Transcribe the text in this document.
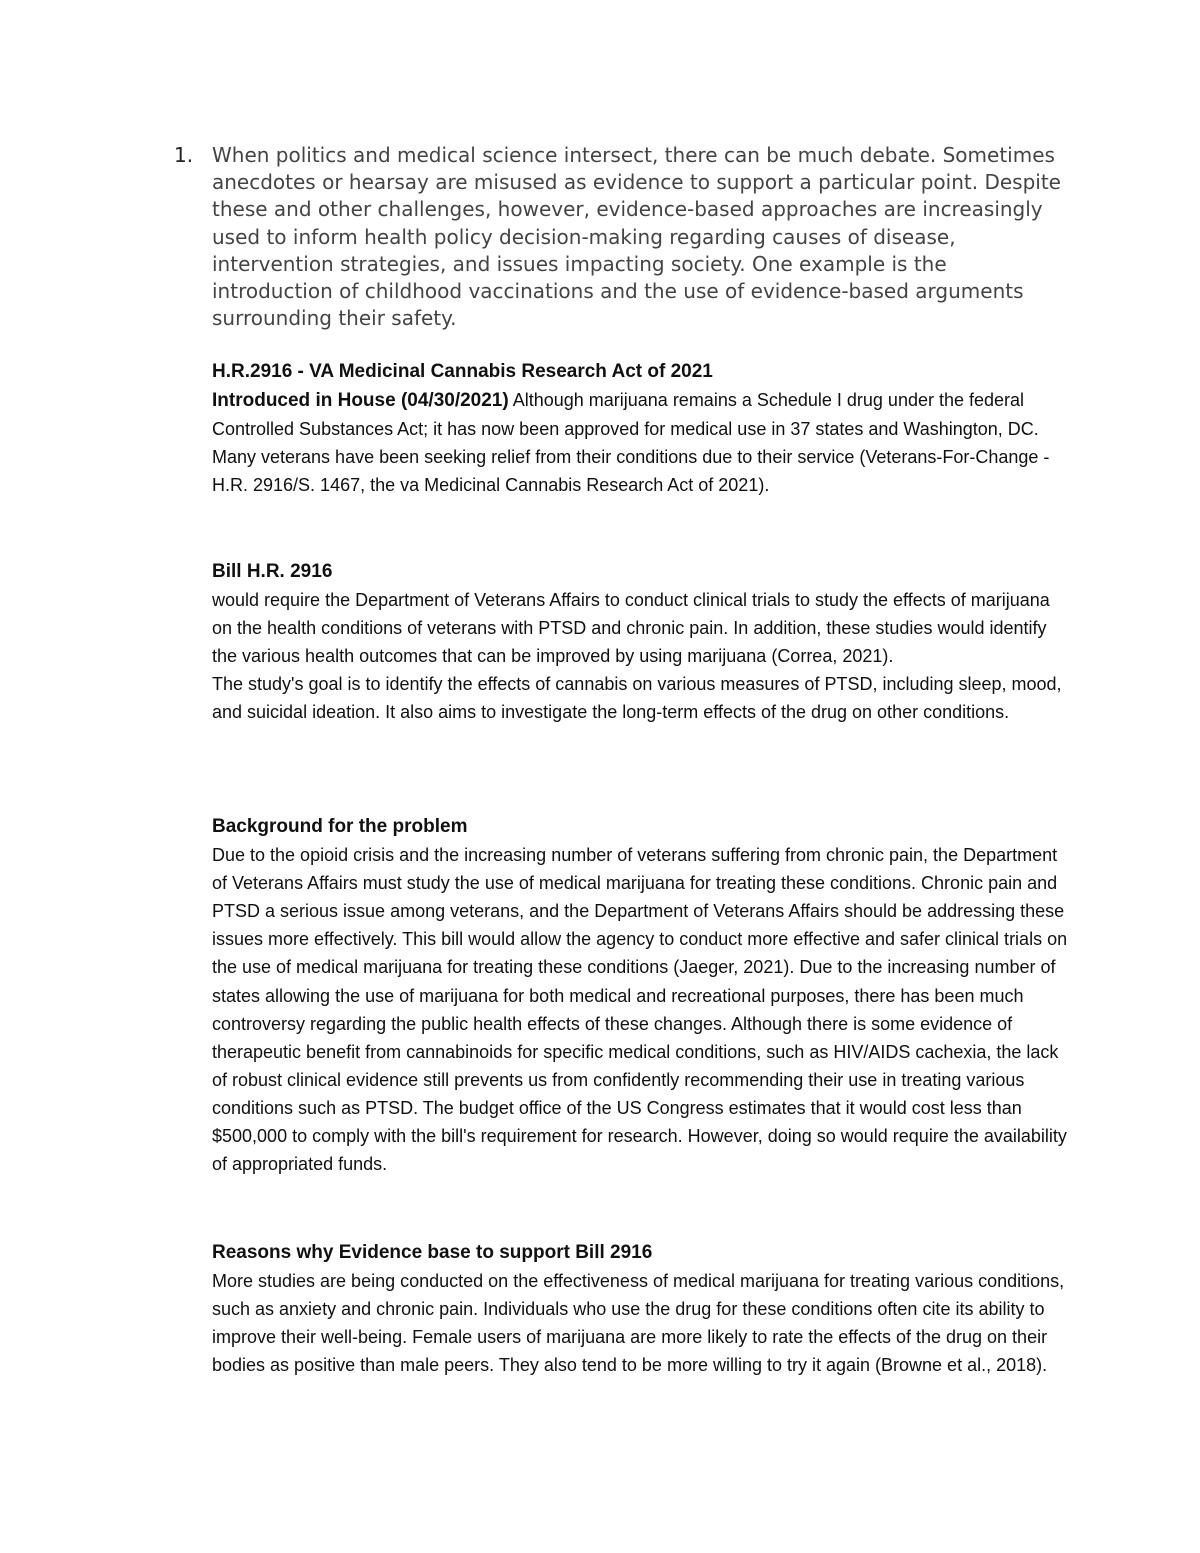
1. When politics and medical science intersect, there can be much debate. Sometimes anecdotes or hearsay are misused as evidence to support a particular point. Despite these and other challenges, however, evidence-based approaches are increasingly used to inform health policy decision-making regarding causes of disease, intervention strategies, and issues impacting society. One example is the introduction of childhood vaccinations and the use of evidence-based arguments surrounding their safety.

H.R.2916 - VA Medicinal Cannabis Research Act of 2021

Introduced in House (04/30/2021) Although marijuana remains a Schedule I drug under the federal Controlled Substances Act; it has now been approved for medical use in 37 states and Washington, DC. Many veterans have been seeking relief from their conditions due to their service (Veterans-For-Change - H.R. 2916/S. 1467, the va Medicinal Cannabis Research Act of 2021).

Bill H.R. 2916

would require the Department of Veterans Affairs to conduct clinical trials to study the effects of marijuana on the health conditions of veterans with PTSD and chronic pain. In addition, these studies would identify the various health outcomes that can be improved by using marijuana (Correa, 2021).

The study's goal is to identify the effects of cannabis on various measures of PTSD, including sleep, mood, and suicidal ideation. It also aims to investigate the long-term effects of the drug on other conditions.

Background for the problem

Due to the opioid crisis and the increasing number of veterans suffering from chronic pain, the Department of Veterans Affairs must study the use of medical marijuana for treating these conditions. Chronic pain and PTSD a serious issue among veterans, and the Department of Veterans Affairs should be addressing these issues more effectively. This bill would allow the agency to conduct more effective and safer clinical trials on the use of medical marijuana for treating these conditions (Jaeger, 2021). Due to the increasing number of states allowing the use of marijuana for both medical and recreational purposes, there has been much controversy regarding the public health effects of these changes. Although there is some evidence of therapeutic benefit from cannabinoids for specific medical conditions, such as HIV/AIDS cachexia, the lack of robust clinical evidence still prevents us from confidently recommending their use in treating various conditions such as PTSD. The budget office of the US Congress estimates that it would cost less than $500,000 to comply with the bill's requirement for research. However, doing so would require the availability of appropriated funds.

Reasons why Evidence base to support Bill 2916

More studies are being conducted on the effectiveness of medical marijuana for treating various conditions, such as anxiety and chronic pain. Individuals who use the drug for these conditions often cite its ability to improve their well-being. Female users of marijuana are more likely to rate the effects of the drug on their bodies as positive than male peers. They also tend to be more willing to try it again (Browne et al., 2018).
